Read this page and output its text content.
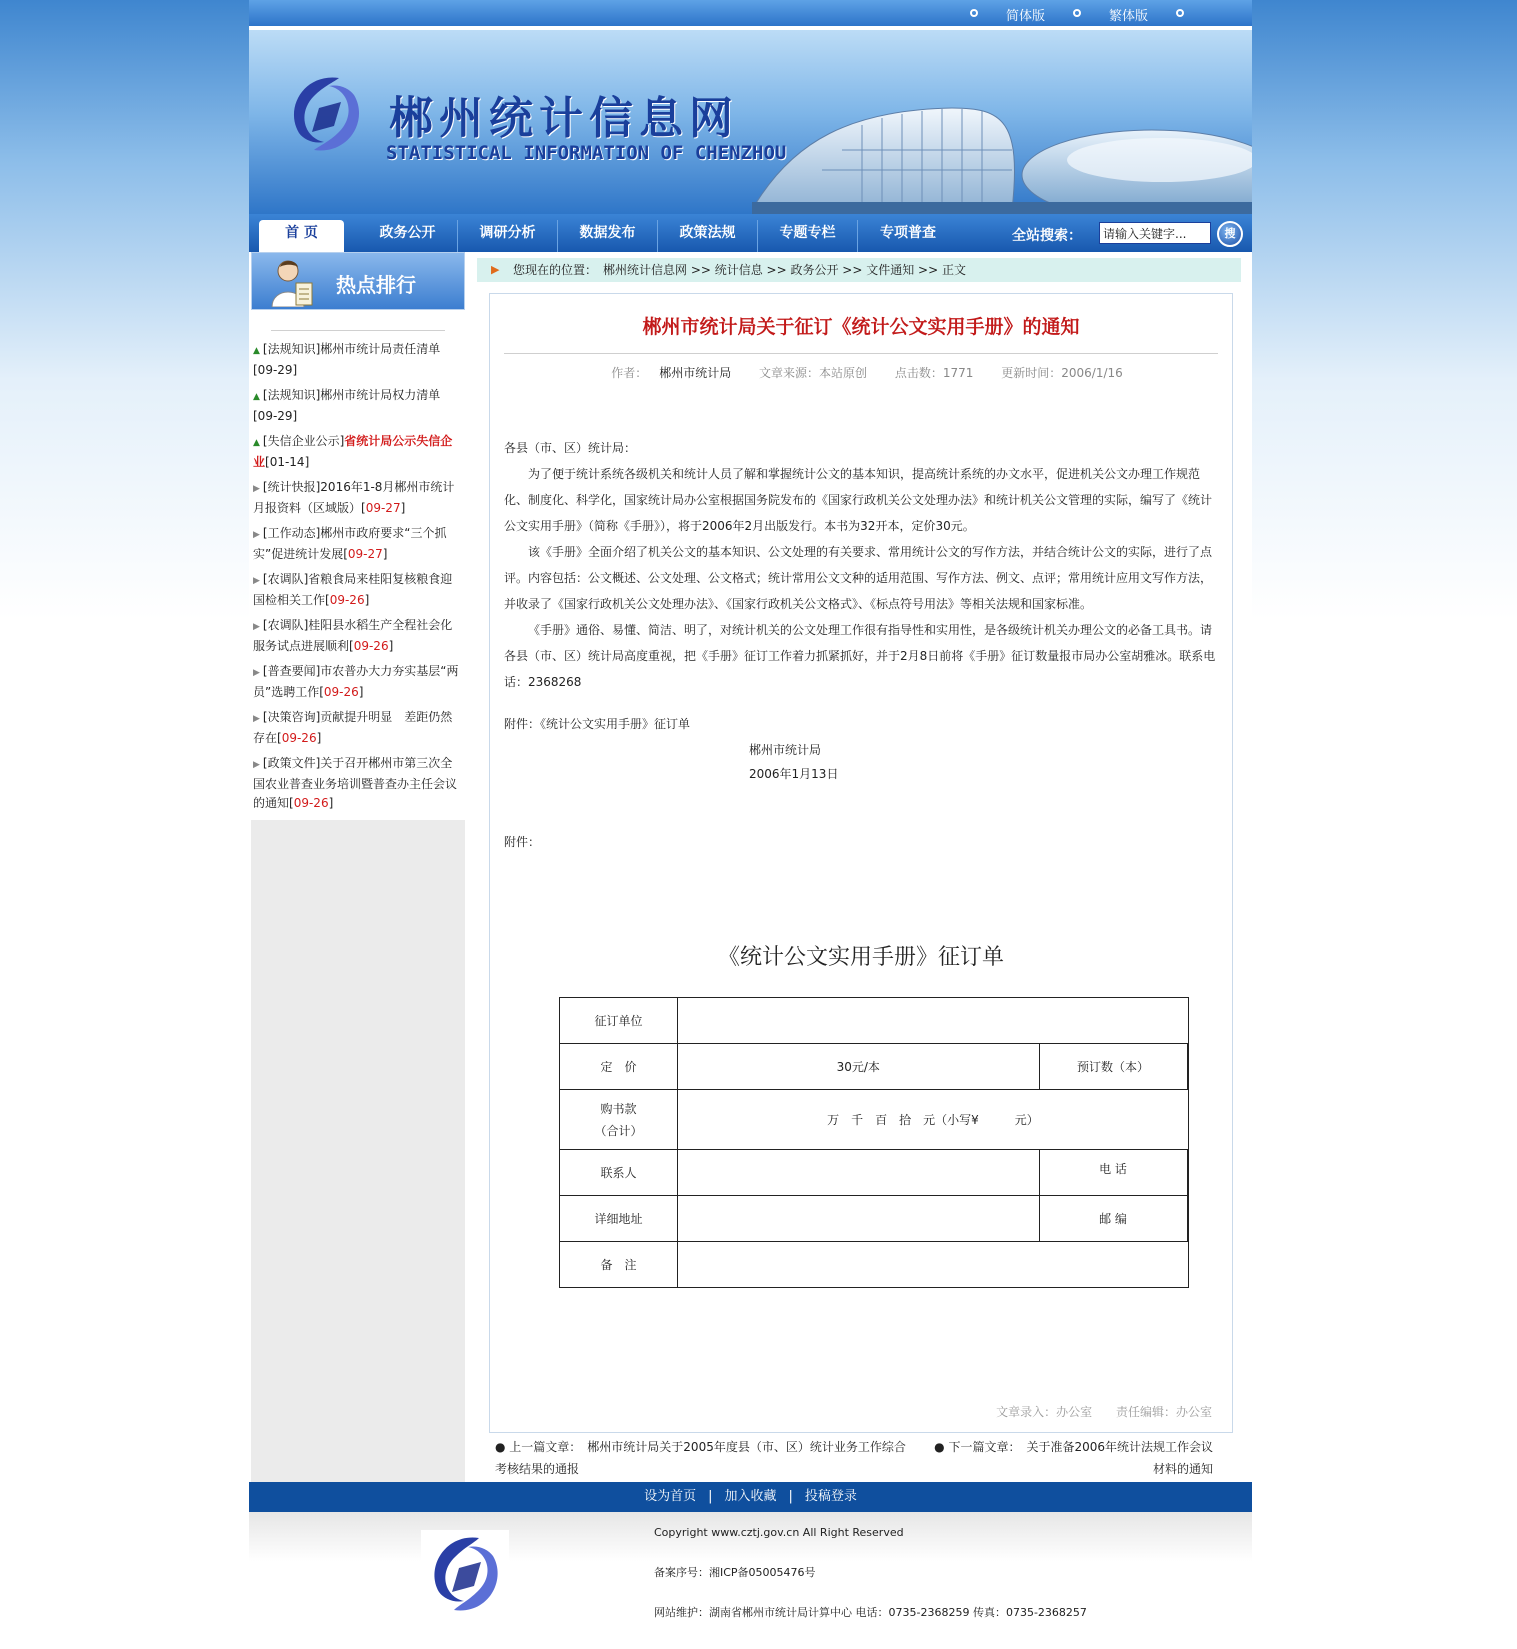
简体版	繁体版
郴州统计信息网
STATISTICAL INFORMATION OF CHENZHOU
首 页	政务公开	调研分析	数据发布	政策法规	专题专栏	专项普查	全站搜索：
请输入关键字...	搜
热点排行
▲ [法规知识]郴州市统计局责任清单
[09-29]
▲ [法规知识]郴州市统计局权力清单
[09-29]
▲ [失信企业公示]省统计局公示失信企业[01-14]
▶ [统计快报]2016年1-8月郴州市统计月报资料（区域版）[09-27]
▶ [工作动态]郴州市政府要求“三个抓实”促进统计发展[09-27]
▶ [农调队]省粮食局来桂阳复核粮食迎国检相关工作[09-26]
▶ [农调队]桂阳县水稻生产全程社会化服务试点进展顺利[09-26]
▶ [普查要闻]市农普办大力夯实基层“两员”选聘工作[09-26]
▶ [决策咨询]贡献提升明显　差距仍然存在[09-26]
▶ [政策文件]关于召开郴州市第三次全国农业普查业务培训暨普查办主任会议的通知[09-26]
▶ 您现在的位置：　郴州统计信息网 >> 统计信息 >> 政务公开 >> 文件通知 >> 正文
郴州市统计局关于征订《统计公文实用手册》的通知
作者： 郴州市统计局 文章来源：本站原创 点击数：1771 更新时间：2006/1/16

各县（市、区）统计局：

为了便于统计系统各级机关和统计人员了解和掌握统计公文的基本知识，提高统计系统的办文水平，促进机关公文办理工作规范化、制度化、科学化，国家统计局办公室根据国务院发布的《国家行政机关公文处理办法》和统计机关公文管理的实际，编写了《统计公文实用手册》（简称《手册》），将于2006年2月出版发行。本书为32开本，定价30元。

该《手册》全面介绍了机关公文的基本知识、公文处理的有关要求、常用统计公文的写作方法，并结合统计公文的实际，进行了点评。内容包括：公文概述、公文处理、公文格式；统计常用公文文种的适用范围、写作方法、例文、点评；常用统计应用文写作方法，并收录了《国家行政机关公文处理办法》、《国家行政机关公文格式》、《标点符号用法》等相关法规和国家标准。

《手册》通俗、易懂、简洁、明了，对统计机关的公文处理工作很有指导性和实用性，是各级统计机关办理公文的必备工具书。请各县（市、区）统计局高度重视，把《手册》征订工作着力抓紧抓好，并于2月8日前将《手册》征订数量报市局办公室胡雅冰。联系电话：2368268

附件：《统计公文实用手册》征订单

郴州市统计局

2006年1月13日

附件：

《统计公文实用手册》征订单
征订单位			
定　价	30元/本	预订数（本）	
购书款
（合计）	万　千　百　拾　元（小写¥　　　元）		
联系人		电 话	
详细地址		邮 编	
备　注			
文章录入：办公室 责任编辑：办公室
● 上一篇文章：　郴州市统计局关于2005年度县（市、区）统计业务工作综合考核结果的通报
● 下一篇文章：　关于准备2006年统计法规工作会议材料的通知
设为首页 | 加入收藏 | 投稿登录
Copyright www.cztj.gov.cn All Right Reserved
备案序号：湘ICP备05005476号
网站维护：湖南省郴州市统计局计算中心 电话：0735-2368259 传真：0735-2368257
